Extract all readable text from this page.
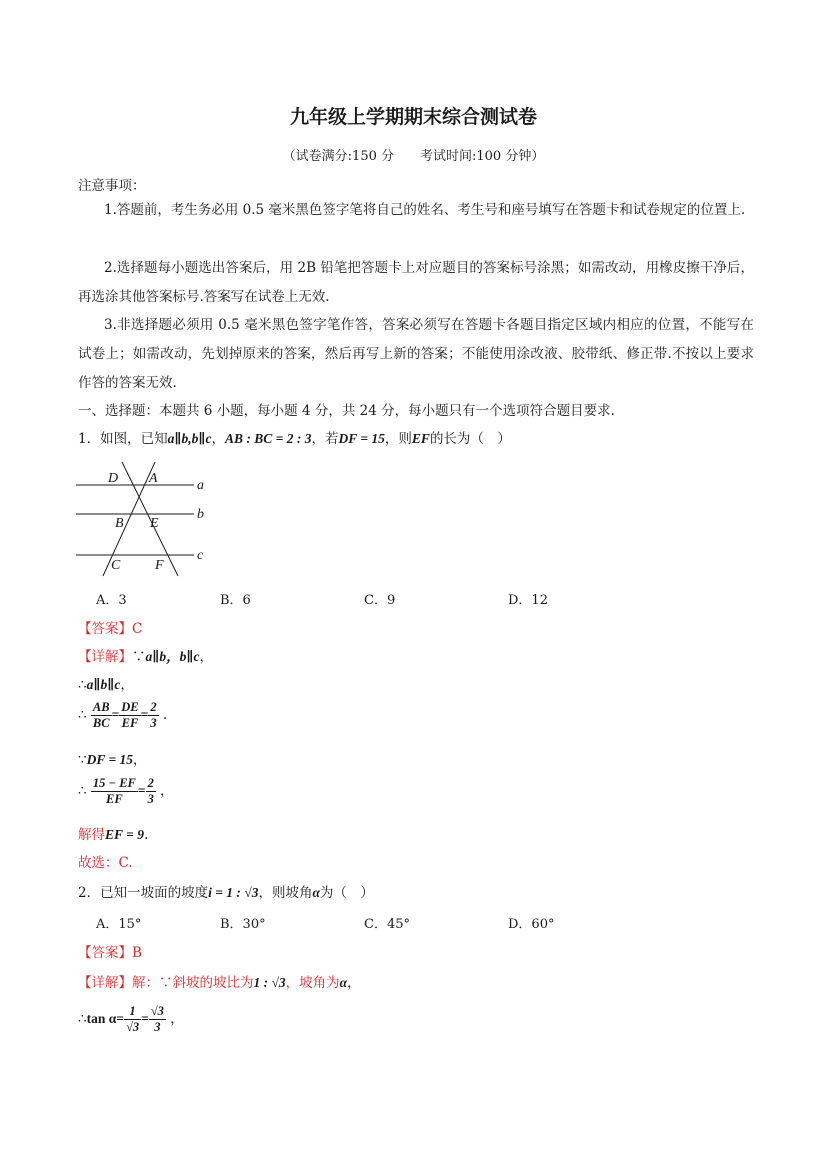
九年级上学期期末综合测试卷
（试卷满分:150 分　　考试时间:100 分钟）
注意事项：
1.答题前，考生务必用 0.5 毫米黑色签字笔将自己的姓名、考生号和座号填写在答题卡和试卷规定的位置上.
2.选择题每小题选出答案后，用 2B 铅笔把答题卡上对应题目的答案标号涂黑；如需改动，用橡皮擦干净后，再选涂其他答案标号.答案写在试卷上无效.
3.非选择题必须用 0.5 毫米黑色签字笔作答，答案必须写在答题卡各题目指定区域内相应的位置，不能写在试卷上；如需改动，先划掉原来的答案，然后再写上新的答案；不能使用涂改液、胶带纸、修正带.不按以上要求作答的答案无效.
一、选择题：本题共 6 小题，每小题 4 分，共 24 分，每小题只有一个选项符合题目要求.
1．如图，已知a∥b,b∥c，AB : BC = 2 : 3，若DF = 15，则EF的长为（　）
a
b
c
D A
B E
C F
A．3	B．6	C．9	D．12
【答案】C
【详解】∵a∥b，b∥c，
∴a∥b∥c，
∴ $\frac{AB}{BC} = \frac{DE}{EF} = \frac{2}{3}$ .
∵DF = 15，
∴ $\frac{15 - EF}{EF} = \frac{2}{3}$ ，
解得EF = 9.
故选：C.
2．已知一坡面的坡度i = 1 : √3，则坡角α为（　）
A．15°	B．30°	C．45°	D．60°
【答案】B
【详解】解：∵斜坡的坡比为1 : √3，坡角为α，
∴tan $\alpha= \frac{1}{√3} = \frac{√3}{3}$ ，
